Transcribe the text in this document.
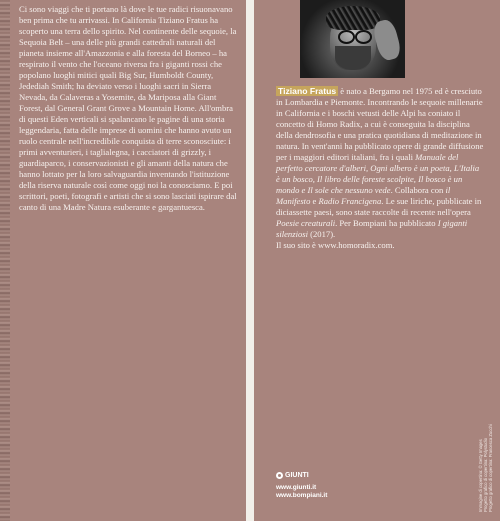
Ci sono viaggi che ti portano là dove le tue radici risuonavano ben prima che tu arrivassi. In California Tiziano Fratus ha scoperto una terra dello spirito. Nel continente delle sequoie, la Sequoia Belt – una delle più grandi cattedrali naturali del pianeta insieme all'Amazzonia e alla foresta del Borneo – ha respirato il vento che l'oceano riversa fra i giganti rossi che popolano luoghi mitici quali Big Sur, Humboldt County, Jedediah Smith; ha deviato verso i luoghi sacri in Sierra Nevada, da Calaveras a Yosemite, da Mariposa alla Giant Forest, dal General Grant Grove a Mountain Home. All'ombra di questi Eden verticali si spalancano le pagine di una storia leggendaria, fatta delle imprese di uomini che hanno avuto un ruolo centrale nell'incredibile conquista di terre sconosciute: i primi avventurieri, i taglialegna, i cacciatori di grizzly, i guardiaparco, i conservazionisti e gli amanti della natura che hanno lottato per la loro salvaguardia inventando l'istituzione della riserva naturale così come oggi noi la conosciamo. E poi scrittori, poeti, fotografi e artisti che si sono lasciati ispirare dal canto di una Madre Natura esuberante e gargantuesca.

Tiziano Fratus è nato a Bergamo nel 1975 ed è cresciuto in Lombardia e Piemonte. Incontrando le sequoie millenarie in California e i boschi vetusti delle Alpi ha coniato il concetto di Homo Radix, a cui è conseguita la disciplina della dendrosofia e una pratica quotidiana di meditazione in natura. In vent'anni ha pubblicato opere di grande diffusione per i maggiori editori italiani, fra i quali Manuale del perfetto cercatore d'alberi, Ogni albero è un poeta, L'Italia è un bosco, Il libro delle foreste scolpite, Il bosco è un mondo e Il sole che nessuno vede. Collabora con il Manifesto e Radio Francigena. Le sue liriche, pubblicate in diciassette paesi, sono state raccolte di recente nell'opera Poesie creaturali. Per Bompiani ha pubblicato I giganti silenziosi (2017).

Il suo sito è www.homoradix.com.

Immagine di copertina: © Getty Images Progetto grafico di copertina: Polystudio Progetto grafico di copertina: Francesca Zucchi
GIUNTI
www.giunti.it
www.bompiani.it
